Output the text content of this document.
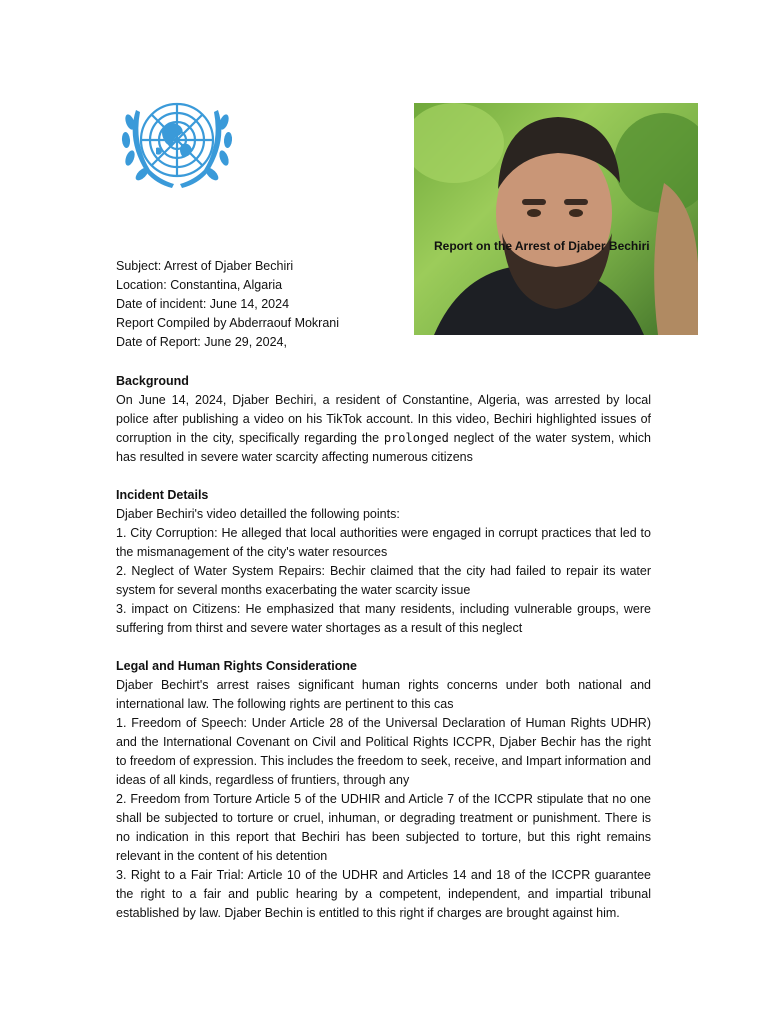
Report on the Arrest of Djaber Bechiri
Subject: Arrest of Djaber Bechiri
Location: Constantina, Algaria
Date of incident: June 14, 2024
Report Compiled by Abderraouf Mokrani
Date of Report: June 29, 2024,

Background

On June 14, 2024, Djaber Bechiri, a resident of Constantine, Algeria, was arrested by local police after publishing a video on his TikTok account. In this video, Bechiri highlighted issues of corruption in the city, specifically regarding the prolonged neglect of the water system, which has resulted in severe water scarcity affecting numerous citizens

Incident Details

Djaber Bechiri's video detailled the following points:

1. City Corruption: He alleged that local authorities were engaged in corrupt practices that led to the mismanagement of the city's water resources

2. Neglect of Water System Repairs: Bechir claimed that the city had failed to repair its water system for several months exacerbating the water scarcity issue

3. impact on Citizens: He emphasized that many residents, including vulnerable groups, were suffering from thirst and severe water shortages as a result of this neglect

Legal and Human Rights Consideratione

Djaber Bechirt's arrest raises significant human rights concerns under both national and international law. The following rights are pertinent to this cas

1. Freedom of Speech: Under Article 28 of the Universal Declaration of Human Rights UDHR) and the International Covenant on Civil and Political Rights ICCPR, Djaber Bechir has the right to freedom of expression. This includes the freedom to seek, receive, and Impart information and ideas of all kinds, regardless of fruntiers, through any

2. Freedom from Torture Article 5 of the UDHIR and Article 7 of the ICCPR stipulate that no one shall be subjected to torture or cruel, inhuman, or degrading treatment or punishment. There is no indication in this report that Bechiri has been subjected to torture, but this right remains relevant in the content of his detention

3. Right to a Fair Trial: Article 10 of the UDHR and Articles 14 and 18 of the ICCPR guarantee the right to a fair and public hearing by a competent, independent, and impartial tribunal established by law. Djaber Bechin is entitled to this right if charges are brought against him.
